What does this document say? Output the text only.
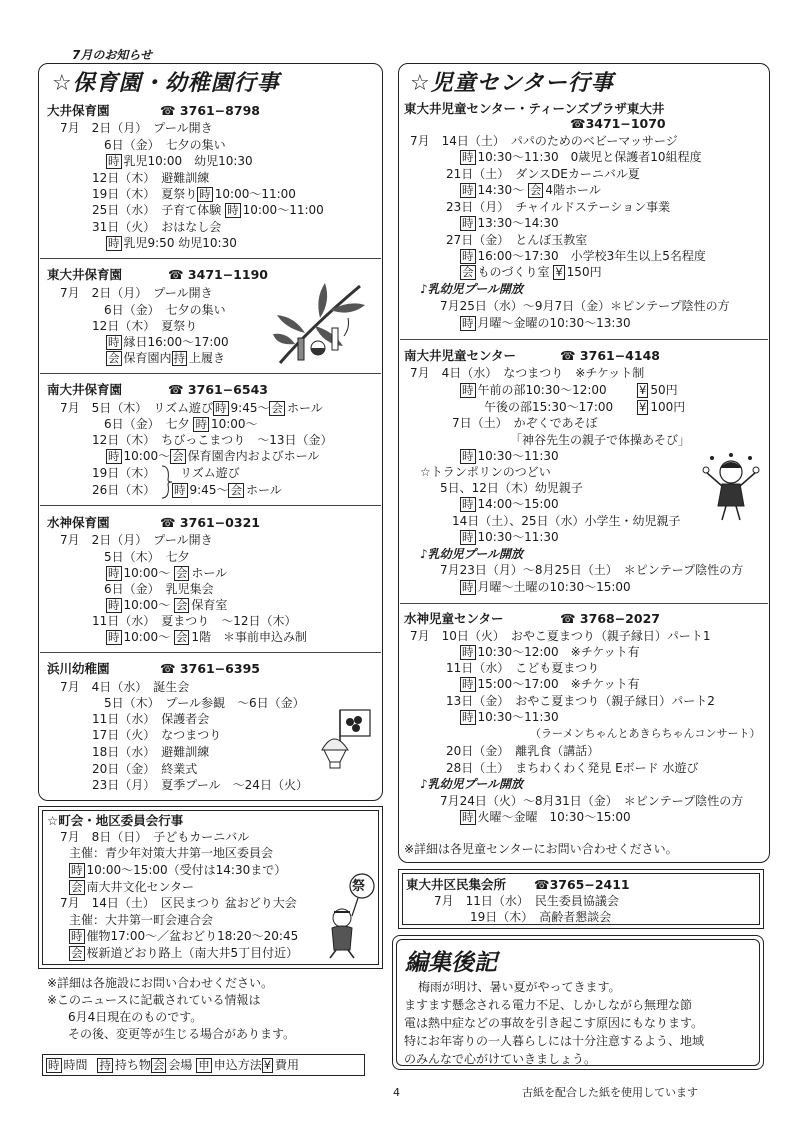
7月のお知らせ
☆保育園・幼稚園行事
大井保育園	☎ 3761−8798
7月　2日（月）　プール開き
6日（金）　七夕の集い
時 乳児10:00　幼児10:30
12日（木）　避難訓練
19日（木）　夏祭り 時 10:00〜11:00
25日（水）　子育て体験 時 10:00〜11:00
31日（火）　おはなし会
時 乳児9:50 幼児10:30
東大井保育園	☎ 3471−1190
7月　2日（月）　プール開き
6日（金）　七夕の集い
12日（木）　夏祭り
時 縁日16:00〜17:00
会 保育園内 持 上履き
南大井保育園	☎ 3761−6543
7月　5日（木）　リズム遊び 時 9:45〜 会 ホール
6日（金）　七夕 時 10:00〜
12日（木）　ちびっこまつり　〜13日（金）
時 10:00〜 会 保育園舎内およびホール
19日（木） リズム遊び
26日（木） 時 9:45〜 会 ホール
水神保育園	☎ 3761−0321
7月　2日（月）　プール開き
5日（木）　七夕
時 10:00〜 会 ホール
6日（金）　乳児集会
時 10:00〜 会 保育室
11日（水）　夏まつり　〜12日（木）
時 10:00〜 会 1階　＊事前申込み制
浜川幼稚園	☎ 3761−6395
7月　4日（水）　誕生会
5日（木）　プール参観　〜6日（金）
11日（水）　保護者会
17日（火）　なつまつり
18日（水）　避難訓練
20日（金）　終業式
23日（月）　夏季プール　〜24日（火）
☆町会・地区委員会行事
7月　8日（日）　子どもカーニバル
主催：青少年対策大井第一地区委員会
時 10:00〜15:00（受付は14:30まで）
会 南大井文化センター
7月　14日（土）　区民まつり 盆おどり大会
主催：大井第一町会連合会
時 催物17:00〜／盆おどり18:20〜20:45
会 桜新道どおり路上（南大井5丁目付近）
祭
※詳細は各施設にお問い合わせください。
※このニュースに記載されている情報は
6月4日現在のものです。
その後、変更等が生じる場合があります。
時 時間 持 持ち物 会 会場 申 申込方法 ¥ 費用
☆児童センター行事
東大井児童センター・ティーンズプラザ東大井
☎3471−1070
7月　14日（土）　パパのためのベビーマッサージ
時 10:30〜11:30　0歳児と保護者10組程度
21日（土）　ダンスDEカーニバル夏
時 14:30〜 会 4階ホール
23日（月）　チャイルドステーション事業
時 13:30〜14:30
27日（金）　とんぼ玉教室
時 16:00〜17:30　小学校3年生以上5名程度
会 ものづくり室 ¥ 150円
♪乳幼児プール開放
7月25日（水）〜9月7日（金）＊ピンテープ陰性の方
時 月曜〜金曜の10:30〜13:30
南大井児童センター	☎ 3761−4148
7月　4日（水）　なつまつり　※チケット制
時 午前の部10:30〜12:00	¥ 50円
午後の部15:30〜17:00 ¥ 100円
7日（土）　かぞくであそぼ
「神谷先生の親子で体操あそび」
時 10:30〜11:30
☆トランポリンのつどい
5日、12日（木）幼児親子
時 14:00〜15:00
14日（土）、25日（水）小学生・幼児親子
時 10:30〜11:30
♪乳幼児プール開放
7月23日（月）〜8月25日（土）　＊ピンテープ陰性の方
時 月曜〜土曜の10:30〜15:00
水神児童センター	☎ 3768−2027
7月　10日（火）　おやこ夏まつり（親子縁日）パート1
時 10:30〜12:00　※チケット有
11日（水）　こども夏まつり
時 15:00〜17:00　※チケット有
13日（金）　おやこ夏まつり（親子縁日）パート2
時 10:30〜11:30
（ラーメンちゃんとあきらちゃんコンサート）
20日（金）　離乳食（講話）
28日（土）　まちわくわく発見 Eボード 水遊び
♪乳幼児プール開放
7月24日（火）〜8月31日（金）　＊ピンテープ陰性の方
時 火曜〜金曜　10:30〜15:00
※詳細は各児童センターにお問い合わせください。
東大井区民集会所 ☎3765−2411
7月　11日（水）　民生委員協議会
19日（木）　高齢者懇談会
編集後記
梅雨が明け、暑い夏がやってきます。
ますます懸念される電力不足、しかしながら無理な節
電は熱中症などの事故を引き起こす原因にもなります。
特にお年寄りの一人暮らしには十分注意するよう、地域
のみんなで心がけていきましょう。
4	古紙を配合した紙を使用しています
